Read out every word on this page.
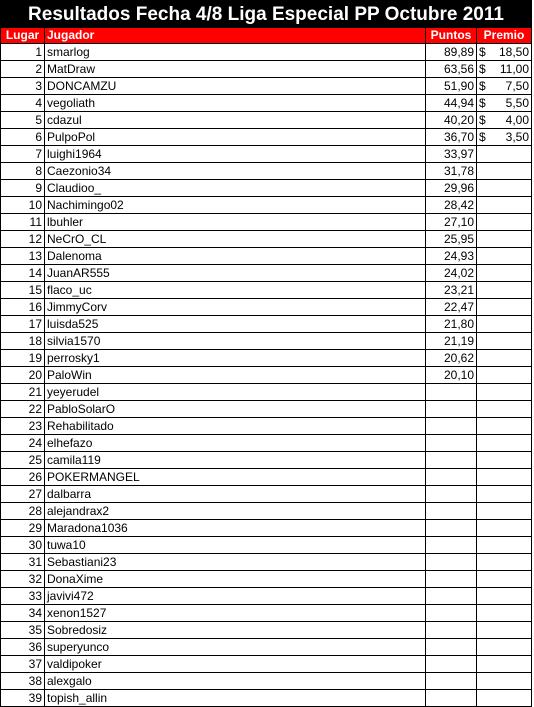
Resultados Fecha 4/8 Liga Especial PP Octubre 2011
Lugar	Jugador	Puntos	Premio
1	smarlog	89,89	$ 18,50

2	MatDraw	63,56	$ 11,00

3	DONCAMZU	51,90	$ 7,50

4	vegoliath	44,94	$ 5,50

5	cdazul	40,20	$ 4,00

6	PulpoPol	36,70	$ 3,50

7	luighi1964	33,97	

8	Caezonio34	31,78	

9	Claudioo_	29,96	

10	Nachimingo02	28,42	

11	lbuhler	27,10	

12	NeCrO_CL	25,95	

13	Dalenoma	24,93	

14	JuanAR555	24,02	

15	flaco_uc	23,21	

16	JimmyCorv	22,47	

17	luisda525	21,80	

18	silvia1570	21,19	

19	perrosky1	20,62	

20	PaloWin	20,10	

21	yeyerudel		

22	PabloSolarO		

23	Rehabilitado		

24	elhefazo		

25	camila119		

26	POKERMANGEL		

27	dalbarra		

28	alejandrax2		

29	Maradona1036		

30	tuwa10		

31	Sebastiani23		

32	DonaXime		

33	javivi472		

34	xenon1527		

35	Sobredosiz		

36	superyunco		

37	valdipoker		

38	alexgalo		

39	topish_allin		
